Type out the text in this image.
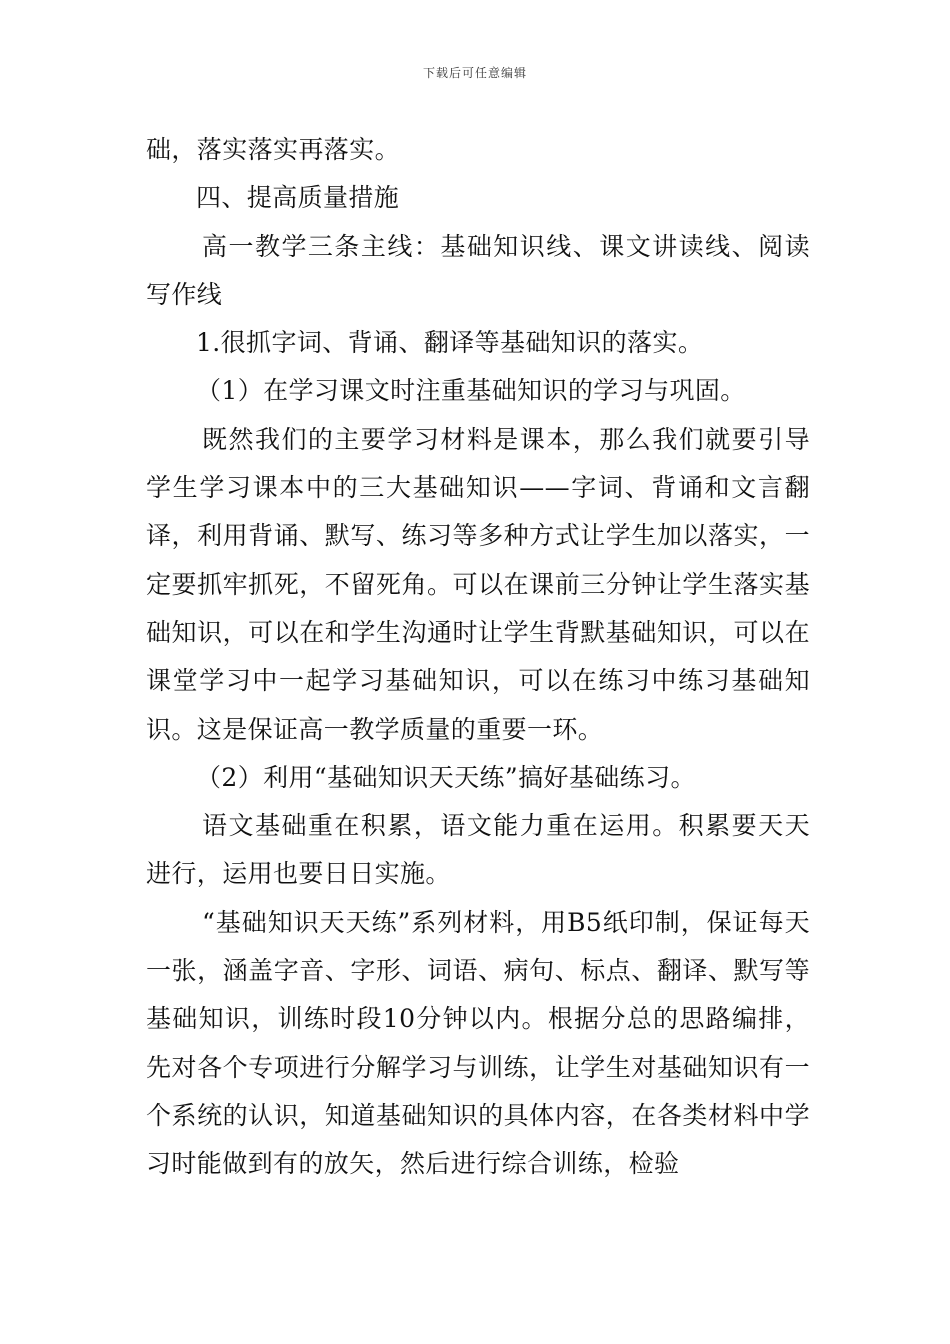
下载后可任意编辑

础，落实落实再落实。

四、提高质量措施

高一教学三条主线：基础知识线、课文讲读线、阅读写作线

1.很抓字词、背诵、翻译等基础知识的落实。

（1）在学习课文时注重基础知识的学习与巩固。

既然我们的主要学习材料是课本，那么我们就要引导学生学习课本中的三大基础知识——字词、背诵和文言翻译，利用背诵、默写、练习等多种方式让学生加以落实，一定要抓牢抓死，不留死角。可以在课前三分钟让学生落实基础知识，可以在和学生沟通时让学生背默基础知识，可以在课堂学习中一起学习基础知识，可以在练习中练习基础知识。这是保证高一教学质量的重要一环。

（2）利用“基础知识天天练”搞好基础练习。

语文基础重在积累，语文能力重在运用。积累要天天进行，运用也要日日实施。

“基础知识天天练”系列材料，用B5纸印制，保证每天一张，涵盖字音、字形、词语、病句、标点、翻译、默写等基础知识，训练时段10分钟以内。根据分总的思路编排，先对各个专项进行分解学习与训练，让学生对基础知识有一个系统的认识，知道基础知识的具体内容，在各类材料中学习时能做到有的放矢，然后进行综合训练，检验
